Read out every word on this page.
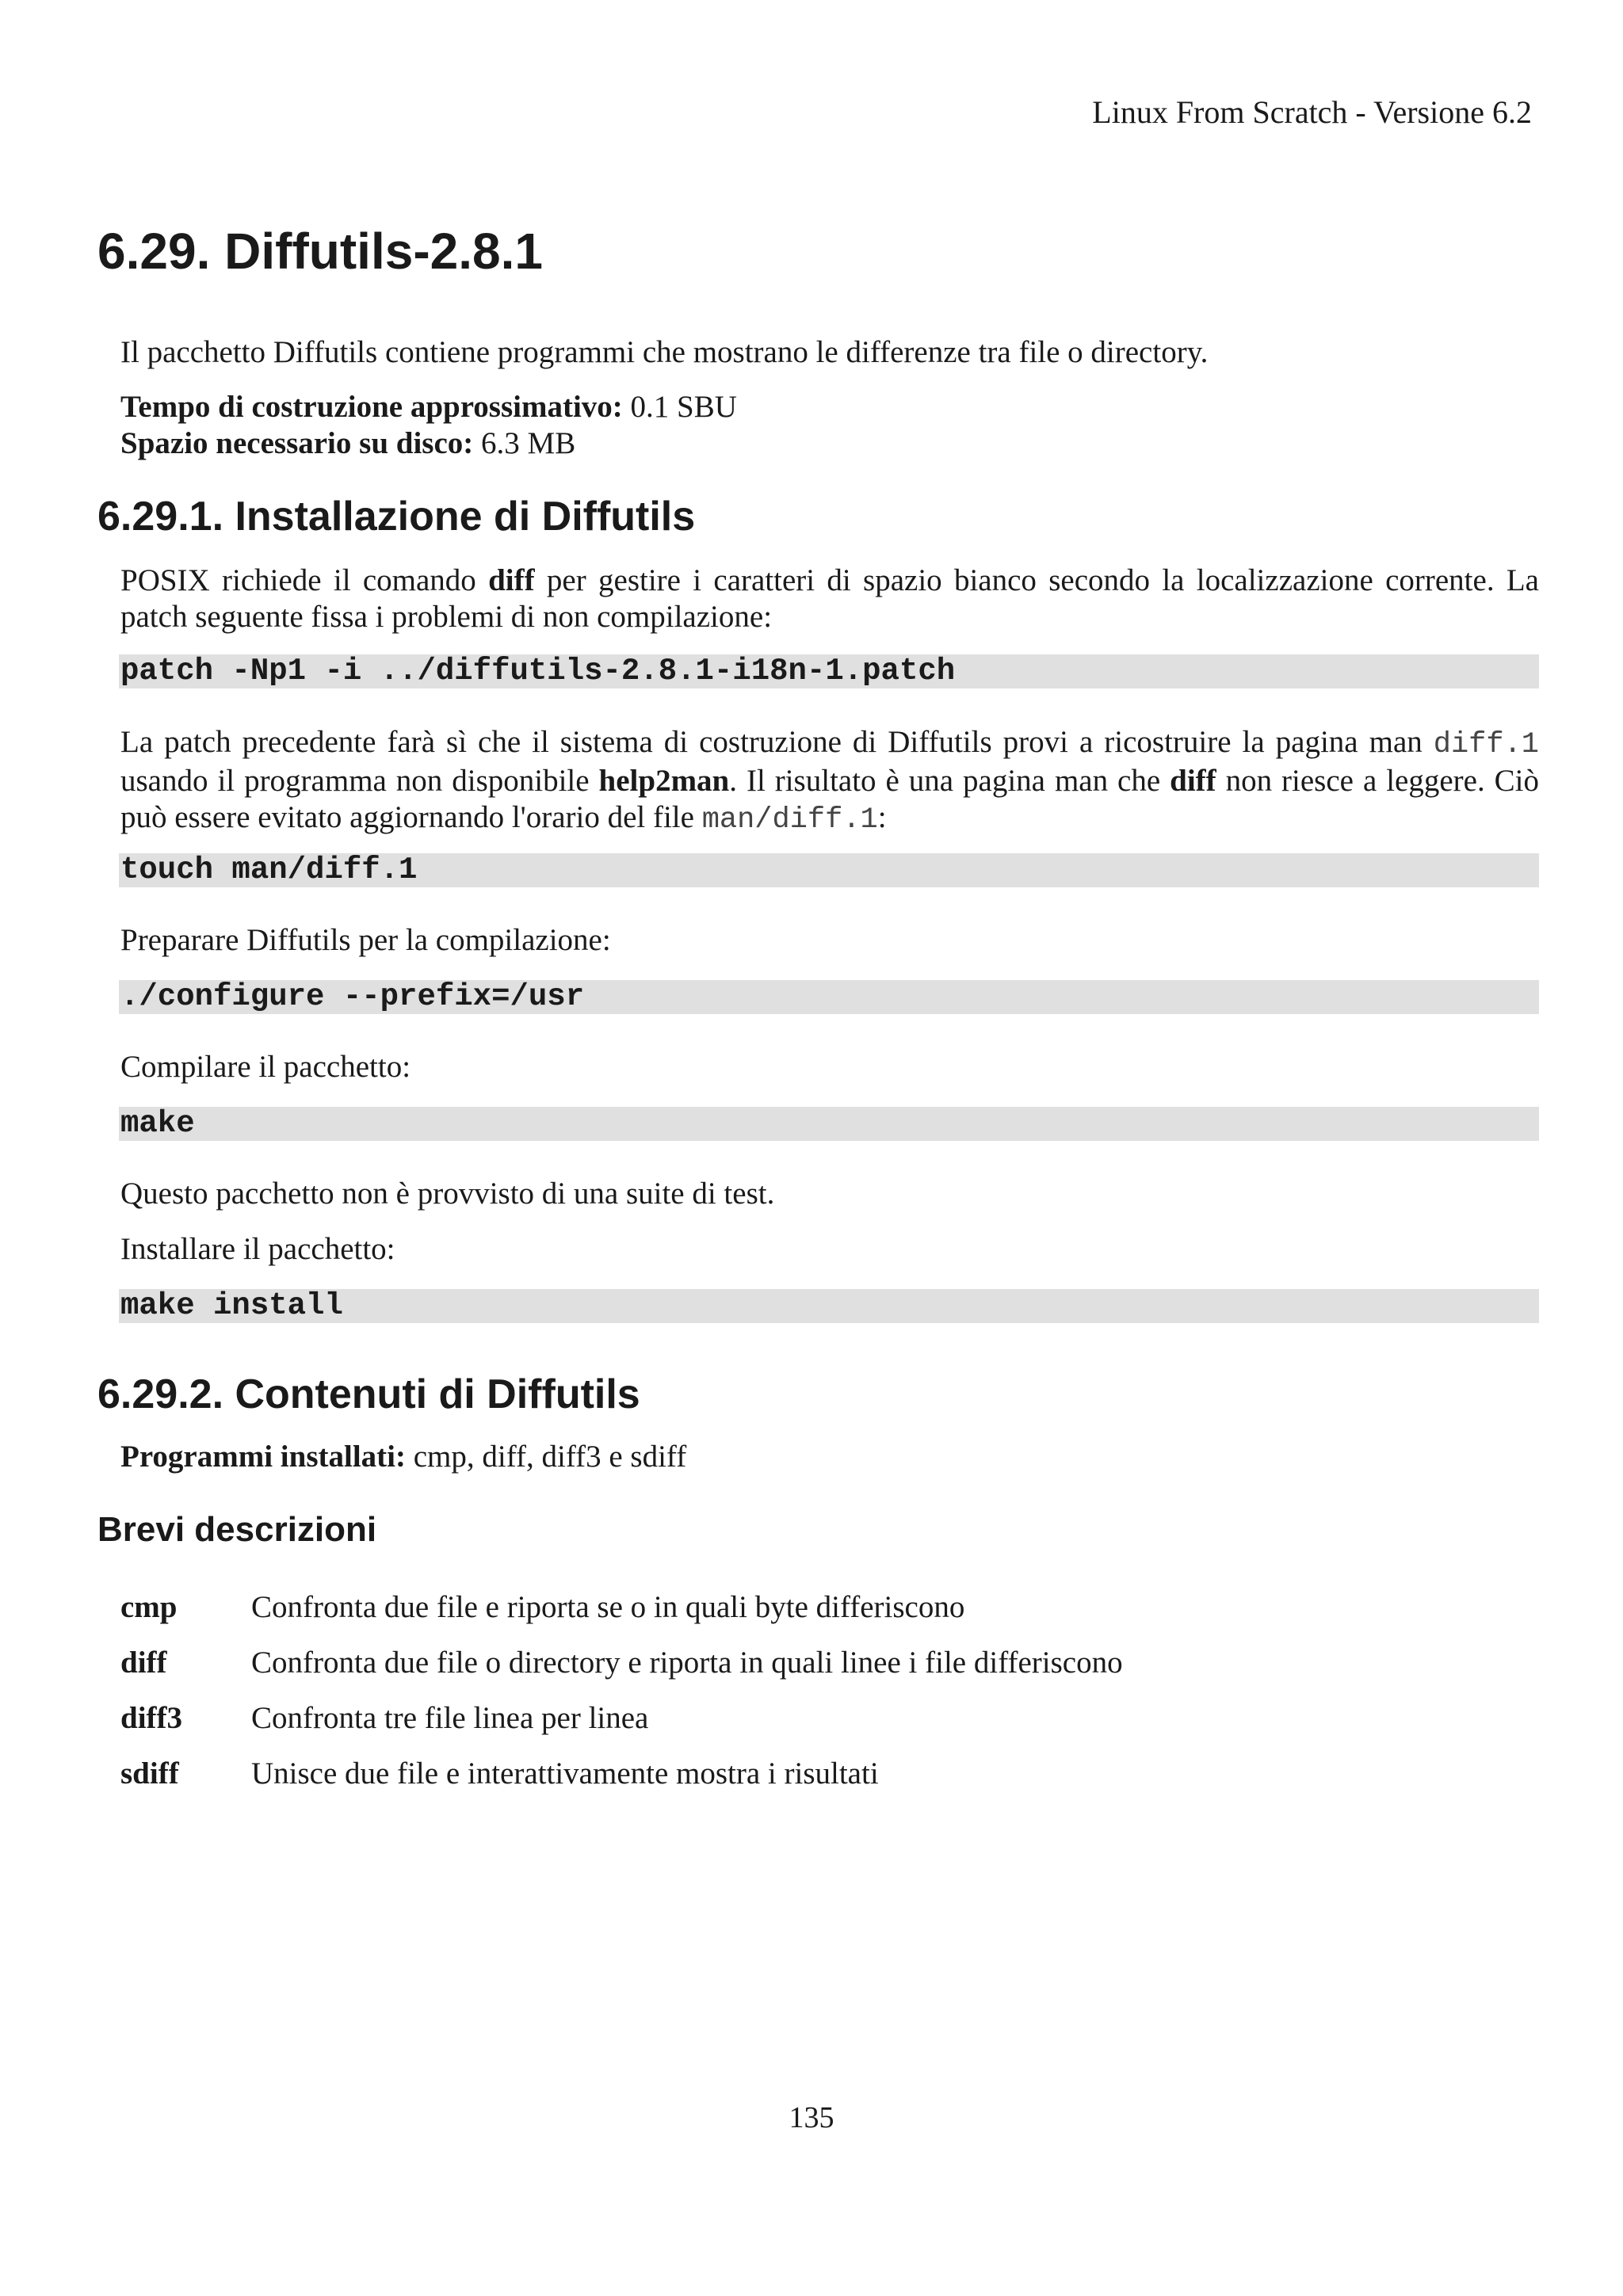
Linux From Scratch - Versione 6.2
6.29. Diffutils-2.8.1

Il pacchetto Diffutils contiene programmi che mostrano le differenze tra file o directory.

Tempo di costruzione approssimativo: 0.1 SBU

Spazio necessario su disco: 6.3 MB

6.29.1. Installazione di Diffutils

POSIX richiede il comando diff per gestire i caratteri di spazio bianco secondo la localizzazione corrente. La patch seguente fissa i problemi di non compilazione:

patch -Np1 -i ../diffutils-2.8.1-i18n-1.patch

La patch precedente farà sì che il sistema di costruzione di Diffutils provi a ricostruire la pagina man diff.1 usando il programma non disponibile help2man. Il risultato è una pagina man che diff non riesce a leggere. Ciò può essere evitato aggiornando l'orario del file man/diff.1:

touch man/diff.1

Preparare Diffutils per la compilazione:

./configure --prefix=/usr

Compilare il pacchetto:

make

Questo pacchetto non è provvisto di una suite di test.

Installare il pacchetto:

make install
6.29.2. Contenuti di Diffutils

Programmi installati: cmp, diff, diff3 e sdiff

Brevi descrizioni
cmp Confronta due file e riporta se o in quali byte differiscono
diff	Confronta due file o directory e riporta in quali linee i file differiscono
diff3 Confronta tre file linea per linea
sdiff Unisce due file e interattivamente mostra i risultati
135
